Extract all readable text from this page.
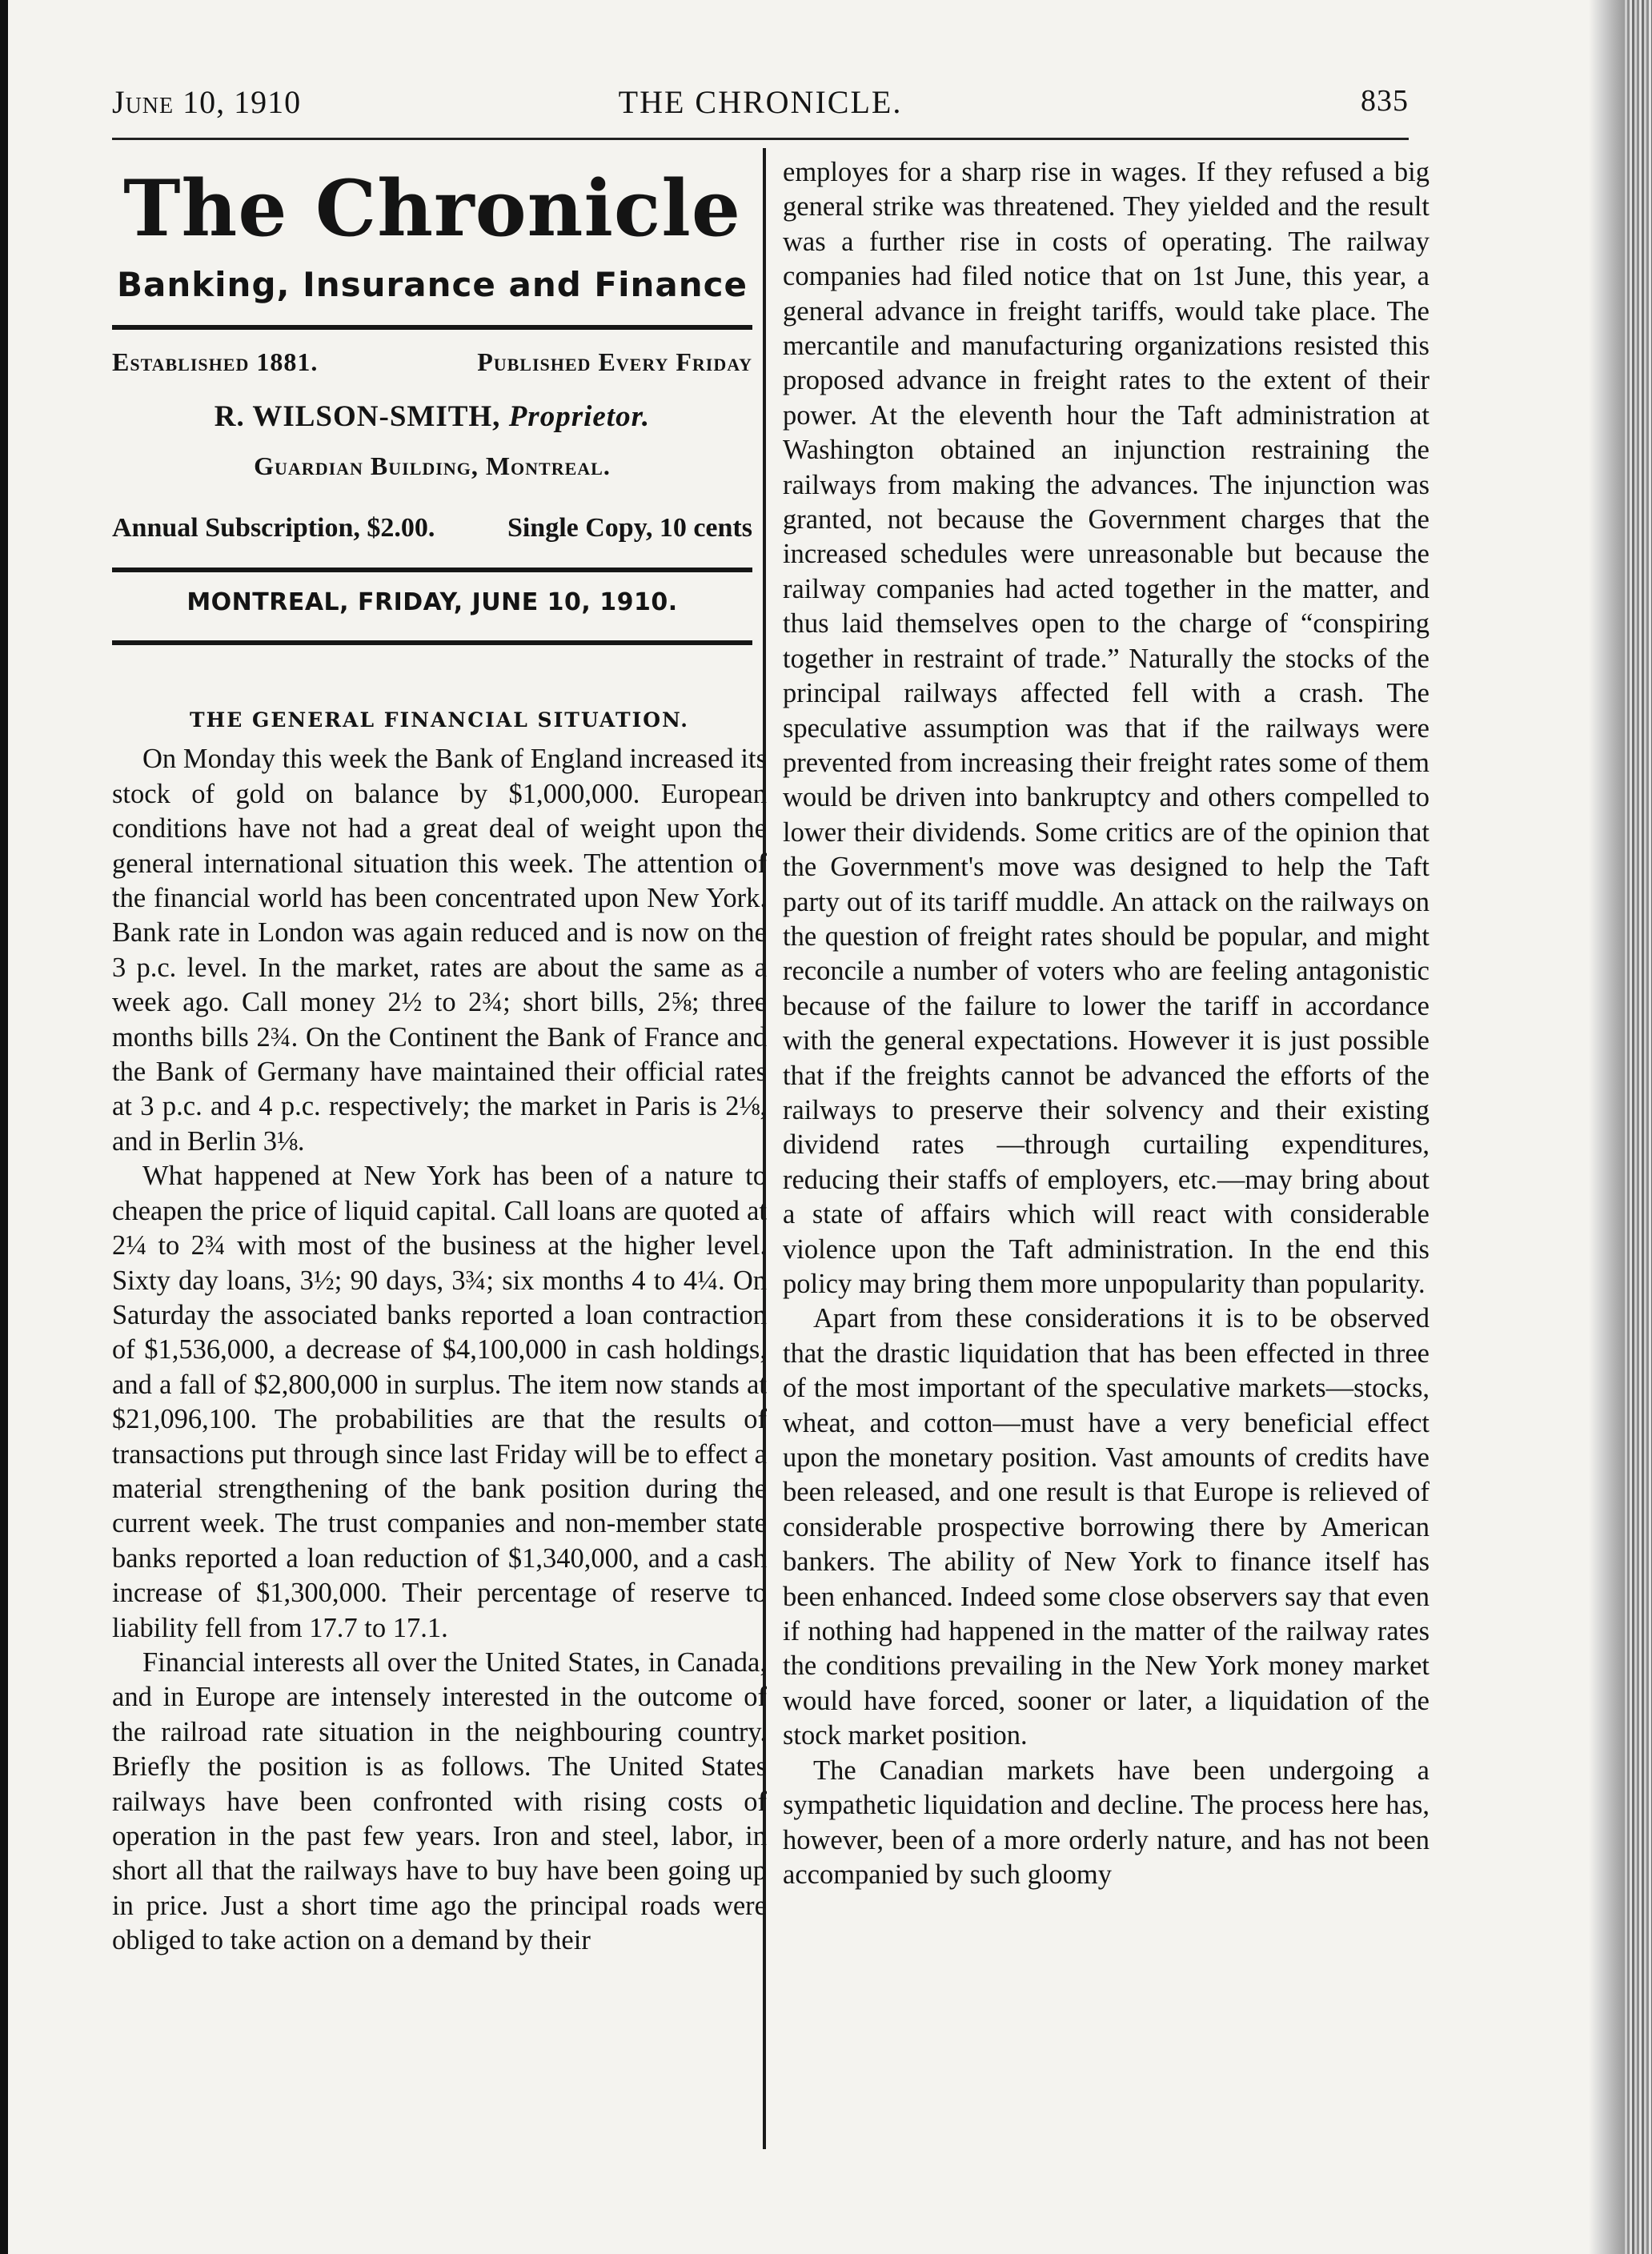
June 10, 1910	THE CHRONICLE.	835
The Chronicle
Banking, Insurance and Finance
Established 1881.	Published Every Friday
R. WILSON-SMITH, Proprietor.
Guardian Building, Montreal.
Annual Subscription, $2.00.	Single Copy, 10 cents
MONTREAL, FRIDAY, JUNE 10, 1910.
THE GENERAL FINANCIAL SITUATION.

On Monday this week the Bank of England increased its stock of gold on balance by $1,000,000. European conditions have not had a great deal of weight upon the general international situation this week. The attention of the financial world has been concentrated upon New York. Bank rate in London was again reduced and is now on the 3 p.c. level. In the market, rates are about the same as a week ago. Call money 2½ to 2¾; short bills, 2⅝; three months bills 2¾. On the Continent the Bank of France and the Bank of Germany have maintained their official rates at 3 p.c. and 4 p.c. respectively; the market in Paris is 2⅛, and in Berlin 3⅛.

What happened at New York has been of a nature to cheapen the price of liquid capital. Call loans are quoted at 2¼ to 2¾ with most of the business at the higher level. Sixty day loans, 3½; 90 days, 3¾; six months 4 to 4¼. On Saturday the associated banks reported a loan contraction of $1,536,000, a decrease of $4,100,000 in cash holdings, and a fall of $2,800,000 in surplus. The item now stands at $21,096,100. The probabilities are that the results of transactions put through since last Friday will be to effect a material strengthening of the bank position during the current week. The trust companies and non-member state banks reported a loan reduction of $1,340,000, and a cash increase of $1,300,000. Their percentage of reserve to liability fell from 17.7 to 17.1.

Financial interests all over the United States, in Canada, and in Europe are intensely interested in the outcome of the railroad rate situation in the neighbouring country. Briefly the position is as follows. The United States railways have been confronted with rising costs of operation in the past few years. Iron and steel, labor, in short all that the railways have to buy have been going up in price. Just a short time ago the principal roads were obliged to take action on a demand by their

employes for a sharp rise in wages. If they refused a big general strike was threatened. They yielded and the result was a further rise in costs of operating. The railway companies had filed notice that on 1st June, this year, a general advance in freight tariffs, would take place. The mercantile and manufacturing organizations resisted this proposed advance in freight rates to the extent of their power. At the eleventh hour the Taft administration at Washington obtained an injunction restraining the railways from making the advances. The injunction was granted, not because the Government charges that the increased schedules were unreasonable but because the railway companies had acted together in the matter, and thus laid themselves open to the charge of “conspiring together in restraint of trade.” Naturally the stocks of the principal railways affected fell with a crash. The speculative assumption was that if the railways were prevented from increasing their freight rates some of them would be driven into bankruptcy and others compelled to lower their dividends. Some critics are of the opinion that the Government's move was designed to help the Taft party out of its tariff muddle. An attack on the railways on the question of freight rates should be popular, and might reconcile a number of voters who are feeling antagonistic because of the failure to lower the tariff in accordance with the general expectations. However it is just possible that if the freights cannot be advanced the efforts of the railways to preserve their solvency and their existing dividend rates —through curtailing expenditures, reducing their staffs of employers, etc.—may bring about a state of affairs which will react with considerable violence upon the Taft administration. In the end this policy may bring them more unpopularity than popularity.

Apart from these considerations it is to be observed that the drastic liquidation that has been effected in three of the most important of the speculative markets—stocks, wheat, and cotton—must have a very beneficial effect upon the monetary position. Vast amounts of credits have been released, and one result is that Europe is relieved of considerable prospective borrowing there by American bankers. The ability of New York to finance itself has been enhanced. Indeed some close observers say that even if nothing had happened in the matter of the railway rates the conditions prevailing in the New York money market would have forced, sooner or later, a liquidation of the stock market position.

The Canadian markets have been undergoing a sympathetic liquidation and decline. The process here has, however, been of a more orderly nature, and has not been accompanied by such gloomy
